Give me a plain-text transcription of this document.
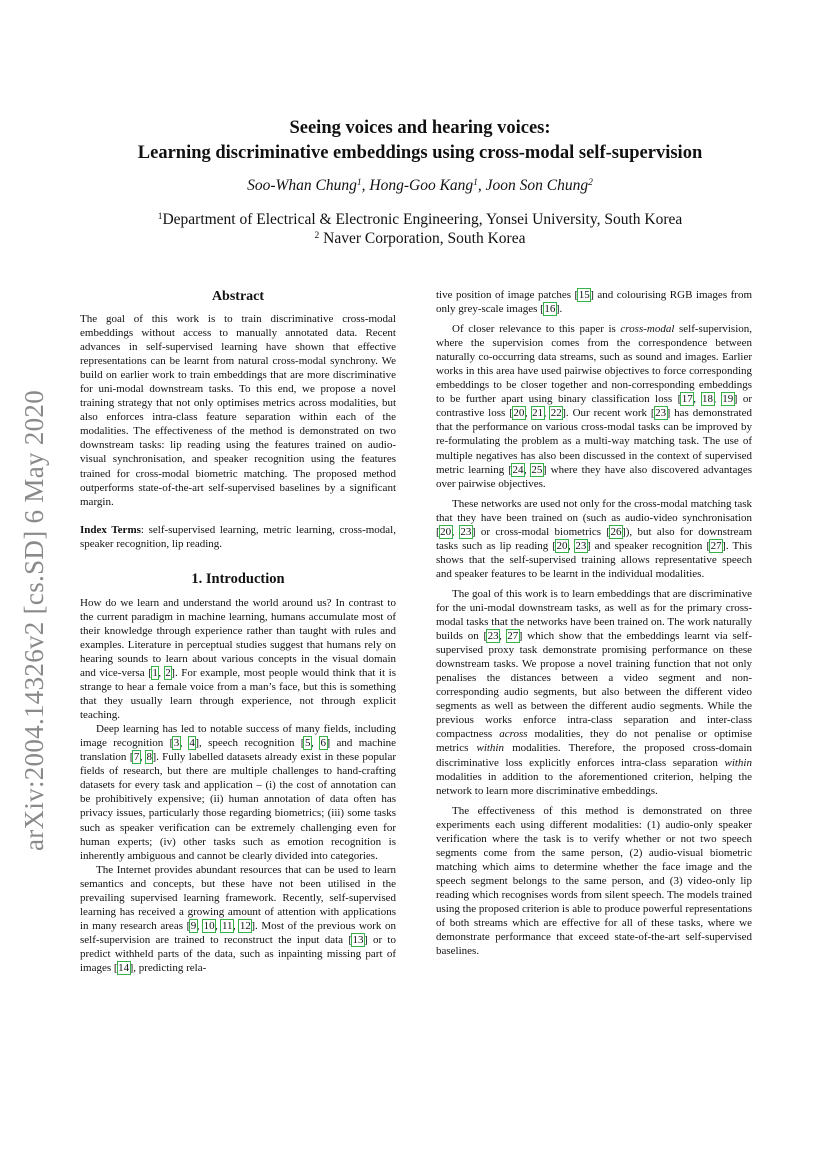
arXiv:2004.14326v2 [cs.SD] 6 May 2020
Seeing voices and hearing voices:
Learning discriminative embeddings using cross-modal self-supervision
Soo-Whan Chung$^1$, Hong-Goo Kang$^1$, Joon Son Chung$^2$
$^1$Department of Electrical & Electronic Engineering, Yonsei University, South Korea
$^2$ Naver Corporation, South Korea
Abstract

The goal of this work is to train discriminative cross-modal embeddings without access to manually annotated data. Recent advances in self-supervised learning have shown that effective representations can be learnt from natural cross-modal synchrony. We build on earlier work to train embeddings that are more discriminative for uni-modal downstream tasks. To this end, we propose a novel training strategy that not only optimises metrics across modalities, but also enforces intra-class feature separation within each of the modalities. The effectiveness of the method is demonstrated on two downstream tasks: lip reading using the features trained on audio-visual synchronisation, and speaker recognition using the features trained for cross-modal biometric matching. The proposed method outperforms state-of-the-art self-supervised baselines by a significant margin.

Index Terms: self-supervised learning, metric learning, cross-modal, speaker recognition, lip reading.

1. Introduction

How do we learn and understand the world around us? In contrast to the current paradigm in machine learning, humans accumulate most of their knowledge through experience rather than taught with rules and examples. Literature in perceptual studies suggest that humans rely on hearing sounds to learn about various concepts in the visual domain and vice-versa [1, 2]. For example, most people would think that it is strange to hear a female voice from a man’s face, but this is something that they usually learn through experience, not through explicit teaching.

Deep learning has led to notable success of many fields, including image recognition [3, 4], speech recognition [5, 6] and machine translation [7, 8]. Fully labelled datasets already exist in these popular fields of research, but there are multiple challenges to hand-crafting datasets for every task and application – (i) the cost of annotation can be prohibitively expensive; (ii) human annotation of data often has privacy issues, particularly those regarding biometrics; (iii) some tasks such as speaker verification can be extremely challenging even for human experts; (iv) other tasks such as emotion recognition is inherently ambiguous and cannot be clearly divided into categories.

The Internet provides abundant resources that can be used to learn semantics and concepts, but these have not been utilised in the prevailing supervised learning framework. Recently, self-supervised learning has received a growing amount of attention with applications in many research areas [9, 10, 11, 12]. Most of the previous work on self-supervision are trained to reconstruct the input data [13] or to predict withheld parts of the data, such as inpainting missing part of images [14], predicting rela-

tive position of image patches [15] and colourising RGB images from only grey-scale images [16].

Of closer relevance to this paper is cross-modal self-supervision, where the supervision comes from the correspondence between naturally co-occurring data streams, such as sound and images. Earlier works in this area have used pairwise objectives to force corresponding embeddings to be closer together and non-corresponding embeddings to be further apart using binary classification loss [17, 18, 19] or contrastive loss [20, 21, 22]. Our recent work [23] has demonstrated that the performance on various cross-modal tasks can be improved by re-formulating the problem as a multi-way matching task. The use of multiple negatives has also been discussed in the context of supervised metric learning [24, 25] where they have also discovered advantages over pairwise objectives.

These networks are used not only for the cross-modal matching task that they have been trained on (such as audio-video synchronisation [20, 23] or cross-modal biometrics [26]), but also for downstream tasks such as lip reading [20, 23] and speaker recognition [27]. This shows that the self-supervised training allows representative speech and speaker features to be learnt in the individual modalities.

The goal of this work is to learn embeddings that are discriminative for the uni-modal downstream tasks, as well as for the primary cross-modal tasks that the networks have been trained on. The work naturally builds on [23, 27] which show that the embeddings learnt via self-supervised proxy task demonstrate promising performance on these downstream tasks. We propose a novel training function that not only penalises the distances between a video segment and non-corresponding audio segments, but also between the different video segments as well as between the different audio segments. While the previous works enforce intra-class separation and inter-class compactness across modalities, they do not penalise or optimise metrics within modalities. Therefore, the proposed cross-domain discriminative loss explicitly enforces intra-class separation within modalities in addition to the aforementioned criterion, helping the network to learn more discriminative embeddings.

The effectiveness of this method is demonstrated on three experiments each using different modalities: (1) audio-only speaker verification where the task is to verify whether or not two speech segments come from the same person, (2) audio-visual biometric matching which aims to determine whether the face image and the speech segment belongs to the same person, and (3) video-only lip reading which recognises words from silent speech. The models trained using the proposed criterion is able to produce powerful representations of both streams which are effective for all of these tasks, where we demonstrate performance that exceed state-of-the-art self-supervised baselines.
